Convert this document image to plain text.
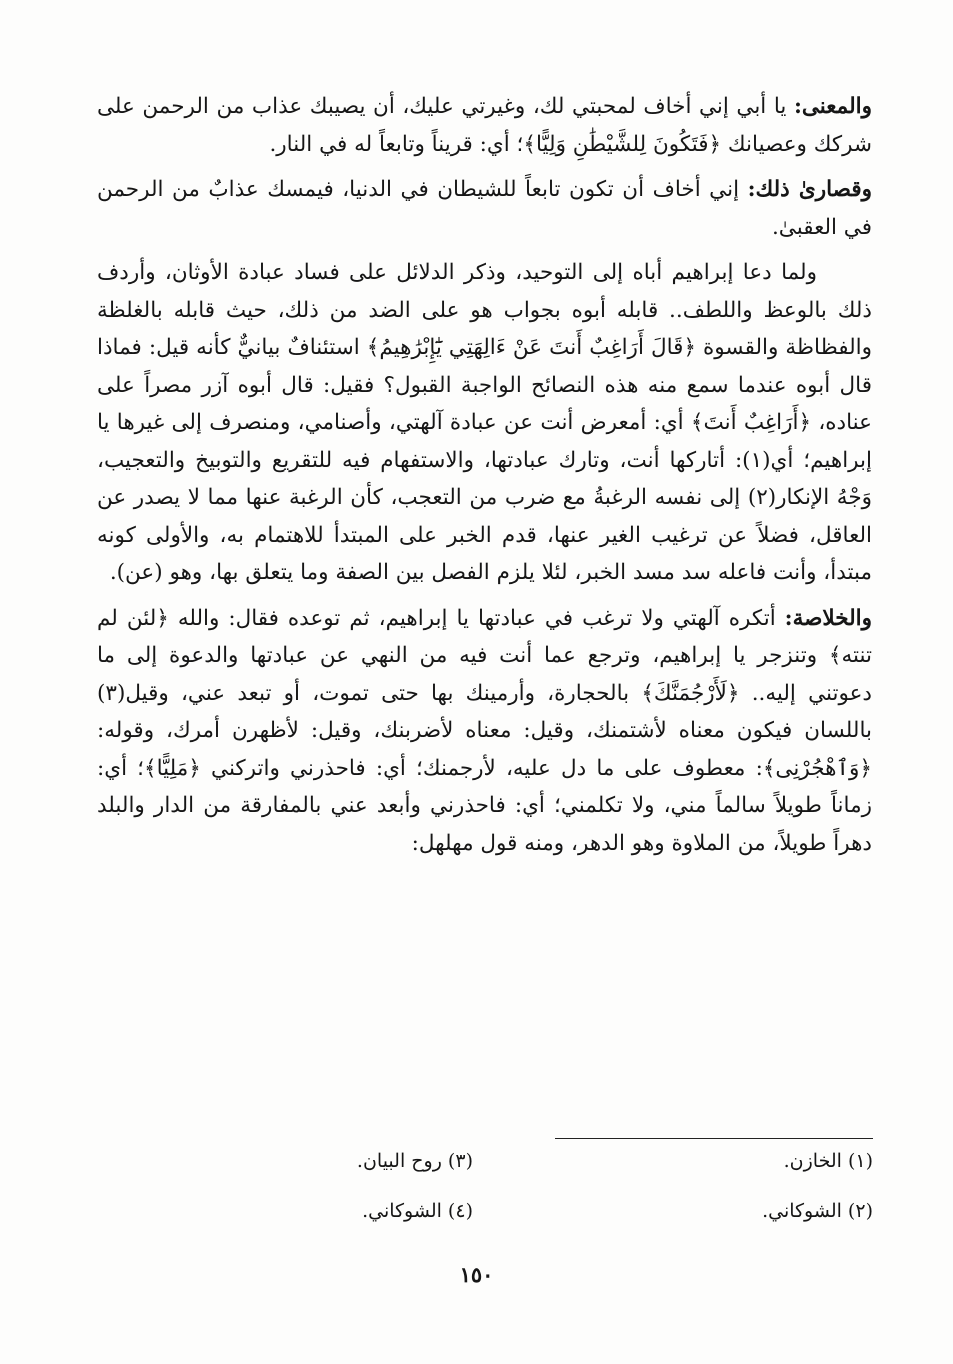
والمعنى: يا أبي إني أخاف لمحبتي لك، وغيرتي عليك، أن يصيبك عذاب من الرحمن على شركك وعصيانك ﴿فَتَكُونَ لِلشَّيْطَٰنِ وَلِيًّا﴾؛ أي: قريناً وتابعاً له في النار.

وقصارىٰ ذلك: إني أخاف أن تكون تابعاً للشيطان في الدنيا، فيمسك عذابٌ من الرحمن في العقبىٰ.

ولما دعا إبراهيم أباه إلى التوحيد، وذكر الدلائل على فساد عبادة الأوثان، وأردف ذلك بالوعظ واللطف.. قابله أبوه بجواب هو على الضد من ذلك، حيث قابله بالغلظة والفظاظة والقسوة ﴿قَالَ أَرَاغِبٌ أَنتَ عَنْ ءَالِهَتِي يَٰٓإِبْرَٰهِيمُ﴾ استئنافٌ بيانيٌّ كأنه قيل: فماذا قال أبوه عندما سمع منه هذه النصائح الواجبة القبول؟ فقيل: قال أبوه آزر مصراً على عناده، ﴿أَرَاغِبٌ أَنتَ﴾ أي: أمعرض أنت عن عبادة آلهتي، وأصنامي، ومنصرف إلى غيرها يا إبراهيم؛ أي(١): أتاركها أنت، وتارك عبادتها، والاستفهام فيه للتقريع والتوبيخ والتعجيب، وَجْهُ الإنكار(٢) إلى نفسه الرغبةُ مع ضرب من التعجب، كأن الرغبة عنها مما لا يصدر عن العاقل، فضلاً عن ترغيب الغير عنها، قدم الخبر على المبتدأ للاهتمام به، والأولى كونه مبتدأ، وأنت فاعله سد مسد الخبر، لئلا يلزم الفصل بين الصفة وما يتعلق بها، وهو (عن).

والخلاصة: أتكره آلهتي ولا ترغب في عبادتها يا إبراهيم، ثم توعده فقال: والله ﴿لئن لم تنته﴾ وتنزجر يا إبراهيم، وترجع عما أنت فيه من النهي عن عبادتها والدعوة إلى ما دعوتني إليه.. ﴿لَأَرْجُمَنَّكَ﴾ بالحجارة، وأرمينك بها حتى تموت، أو تبعد عني، وقيل(٣) باللسان فيكون معناه لأشتمنك، وقيل: معناه لأضربنك، وقيل: لأظهرن أمرك، وقوله: ﴿وَٱهْجُرْنِى﴾: معطوف على ما دل عليه، لأرجمنك؛ أي: فاحذرني واتركني ﴿مَلِيًّا﴾؛ أي: زماناً طويلاً سالماً مني، ولا تكلمني؛ أي: فاحذرني وأبعد عني بالمفارقة من الدار والبلد دهراً طويلاً، من الملاوة وهو الدهر، ومنه قول مهلهل:

(١) الخازن.
(٣) روح البيان.
(٢) الشوكاني.
(٤) الشوكاني.
١٥٠
